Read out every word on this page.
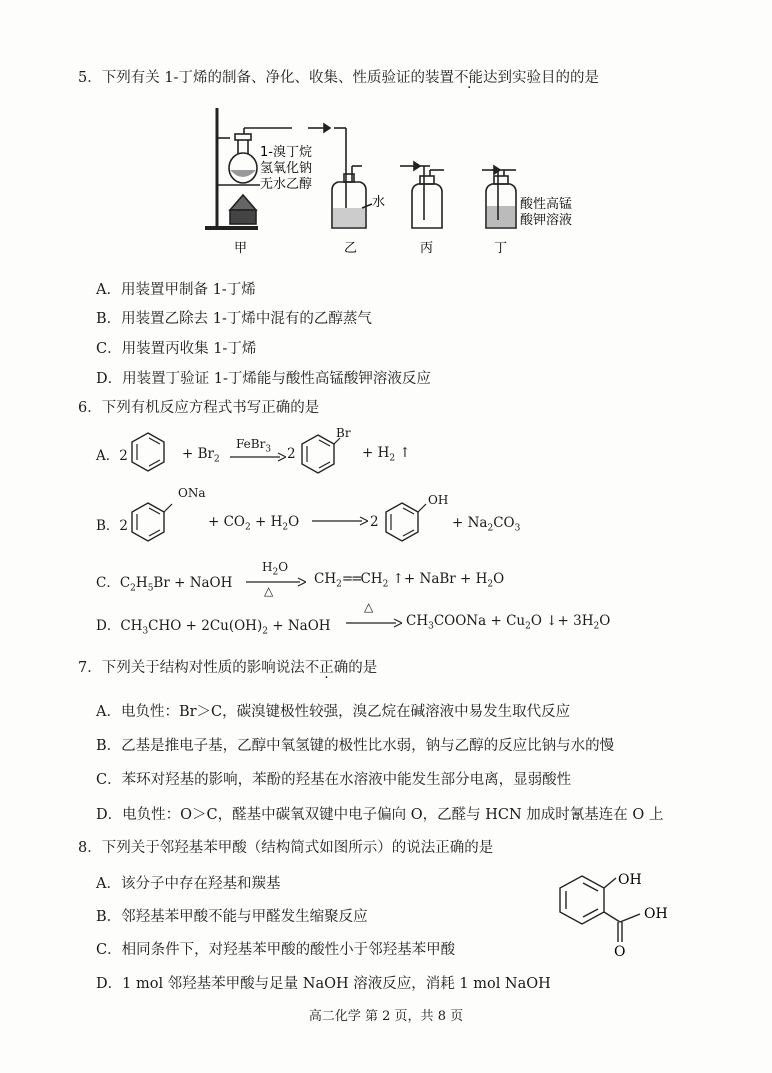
5．下列有关 1-丁烯的制备、净化、收集、性质验证的装置不能达到实验目的的是
1-溴丁烷
氢氧化钠
无水乙醇
水	酸性高锰
酸钾溶液
甲	乙	丙	丁
A．用装置甲制备 1-丁烯
B．用装置乙除去 1-丁烯中混有的乙醇蒸气
C．用装置丙收集 1-丁烯
D．用装置丁验证 1-丁烯能与酸性高锰酸钾溶液反应
6．下列有机反应方程式书写正确的是
A．2	+ $Br_2$
FeBr$_3$ → 2
Br
+ $H_2$ ↑
B．2
ONa
+ $CO_2 + H_2O \to 2$
OH
+ $Na_2CO_3$
C．$C_2H_5Br$ + NaOH
$H_2O$
△
$CH_2==CH_2$ ↑+ NaBr + $H_2O$
D．$CH_3CHO + 2Cu(OH)_2$ + NaOH
△
→ $CH_3COONa + Cu_2O$ ↓+ $3H_2O$
7．下列关于结构对性质的影响说法不正确的是
A．电负性：Br＞C，碳溴键极性较强，溴乙烷在碱溶液中易发生取代反应
B．乙基是推电子基，乙醇中氧氢键的极性比水弱，钠与乙醇的反应比钠与水的慢
C．苯环对羟基的影响，苯酚的羟基在水溶液中能发生部分电离，显弱酸性
D．电负性：O＞C，醛基中碳氧双键中电子偏向 O，乙醛与 HCN 加成时氰基连在 O 上
8．下列关于邻羟基苯甲酸（结构简式如图所示）的说法正确的是
A．该分子中存在羟基和羰基
B．邻羟基苯甲酸不能与甲醛发生缩聚反应
C．相同条件下，对羟基苯甲酸的酸性小于邻羟基苯甲酸
D．1 mol 邻羟基苯甲酸与足量 NaOH 溶液反应，消耗 1 mol NaOH
OH
OH
O
高二化学 第 2 页，共 8 页
